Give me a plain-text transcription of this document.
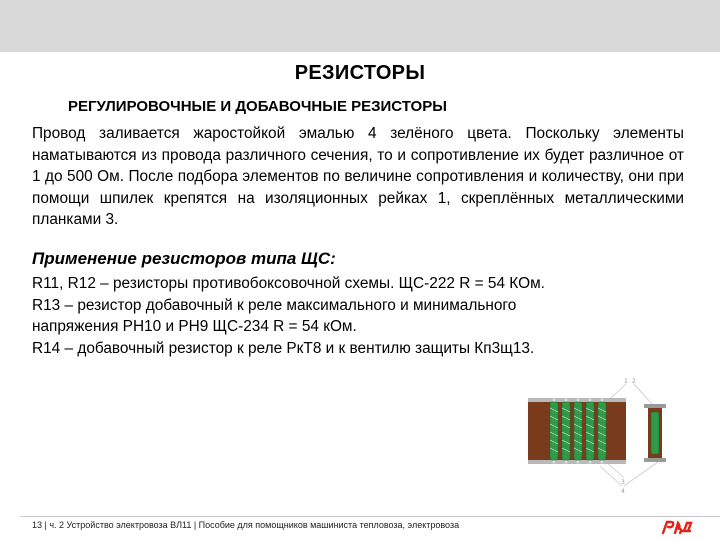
РЕЗИСТОРЫ
РЕГУЛИРОВОЧНЫЕ И ДОБАВОЧНЫЕ РЕЗИСТОРЫ
Провод заливается жаростойкой эмалью 4 зелёного цвета. Поскольку элементы наматываются из провода различного сечения, то и сопротивление их будет различное от 1 до 500 Ом. После подбора элементов по величине сопротивления и количеству, они при помощи шпилек крепятся на изоляционных рейках 1, скреплённых металлическими планками 3.
Применение резисторов типа ЩС:
R11, R12 – резисторы противобоксовочной схемы. ЩС-222 R = 54 КОм.
R13 – резистор добавочный к реле максимального и минимального
напряжения РН10 и РН9 ЩС-234 R = 54 кОм.
R14 – добавочный резистор к реле РкТ8 и к вентилю защиты Кп3щ13.
1 2
3
4
13 | ч. 2 Устройство электровоза ВЛ11 | Пособие для помощников машиниста тепловоза, электровоза
